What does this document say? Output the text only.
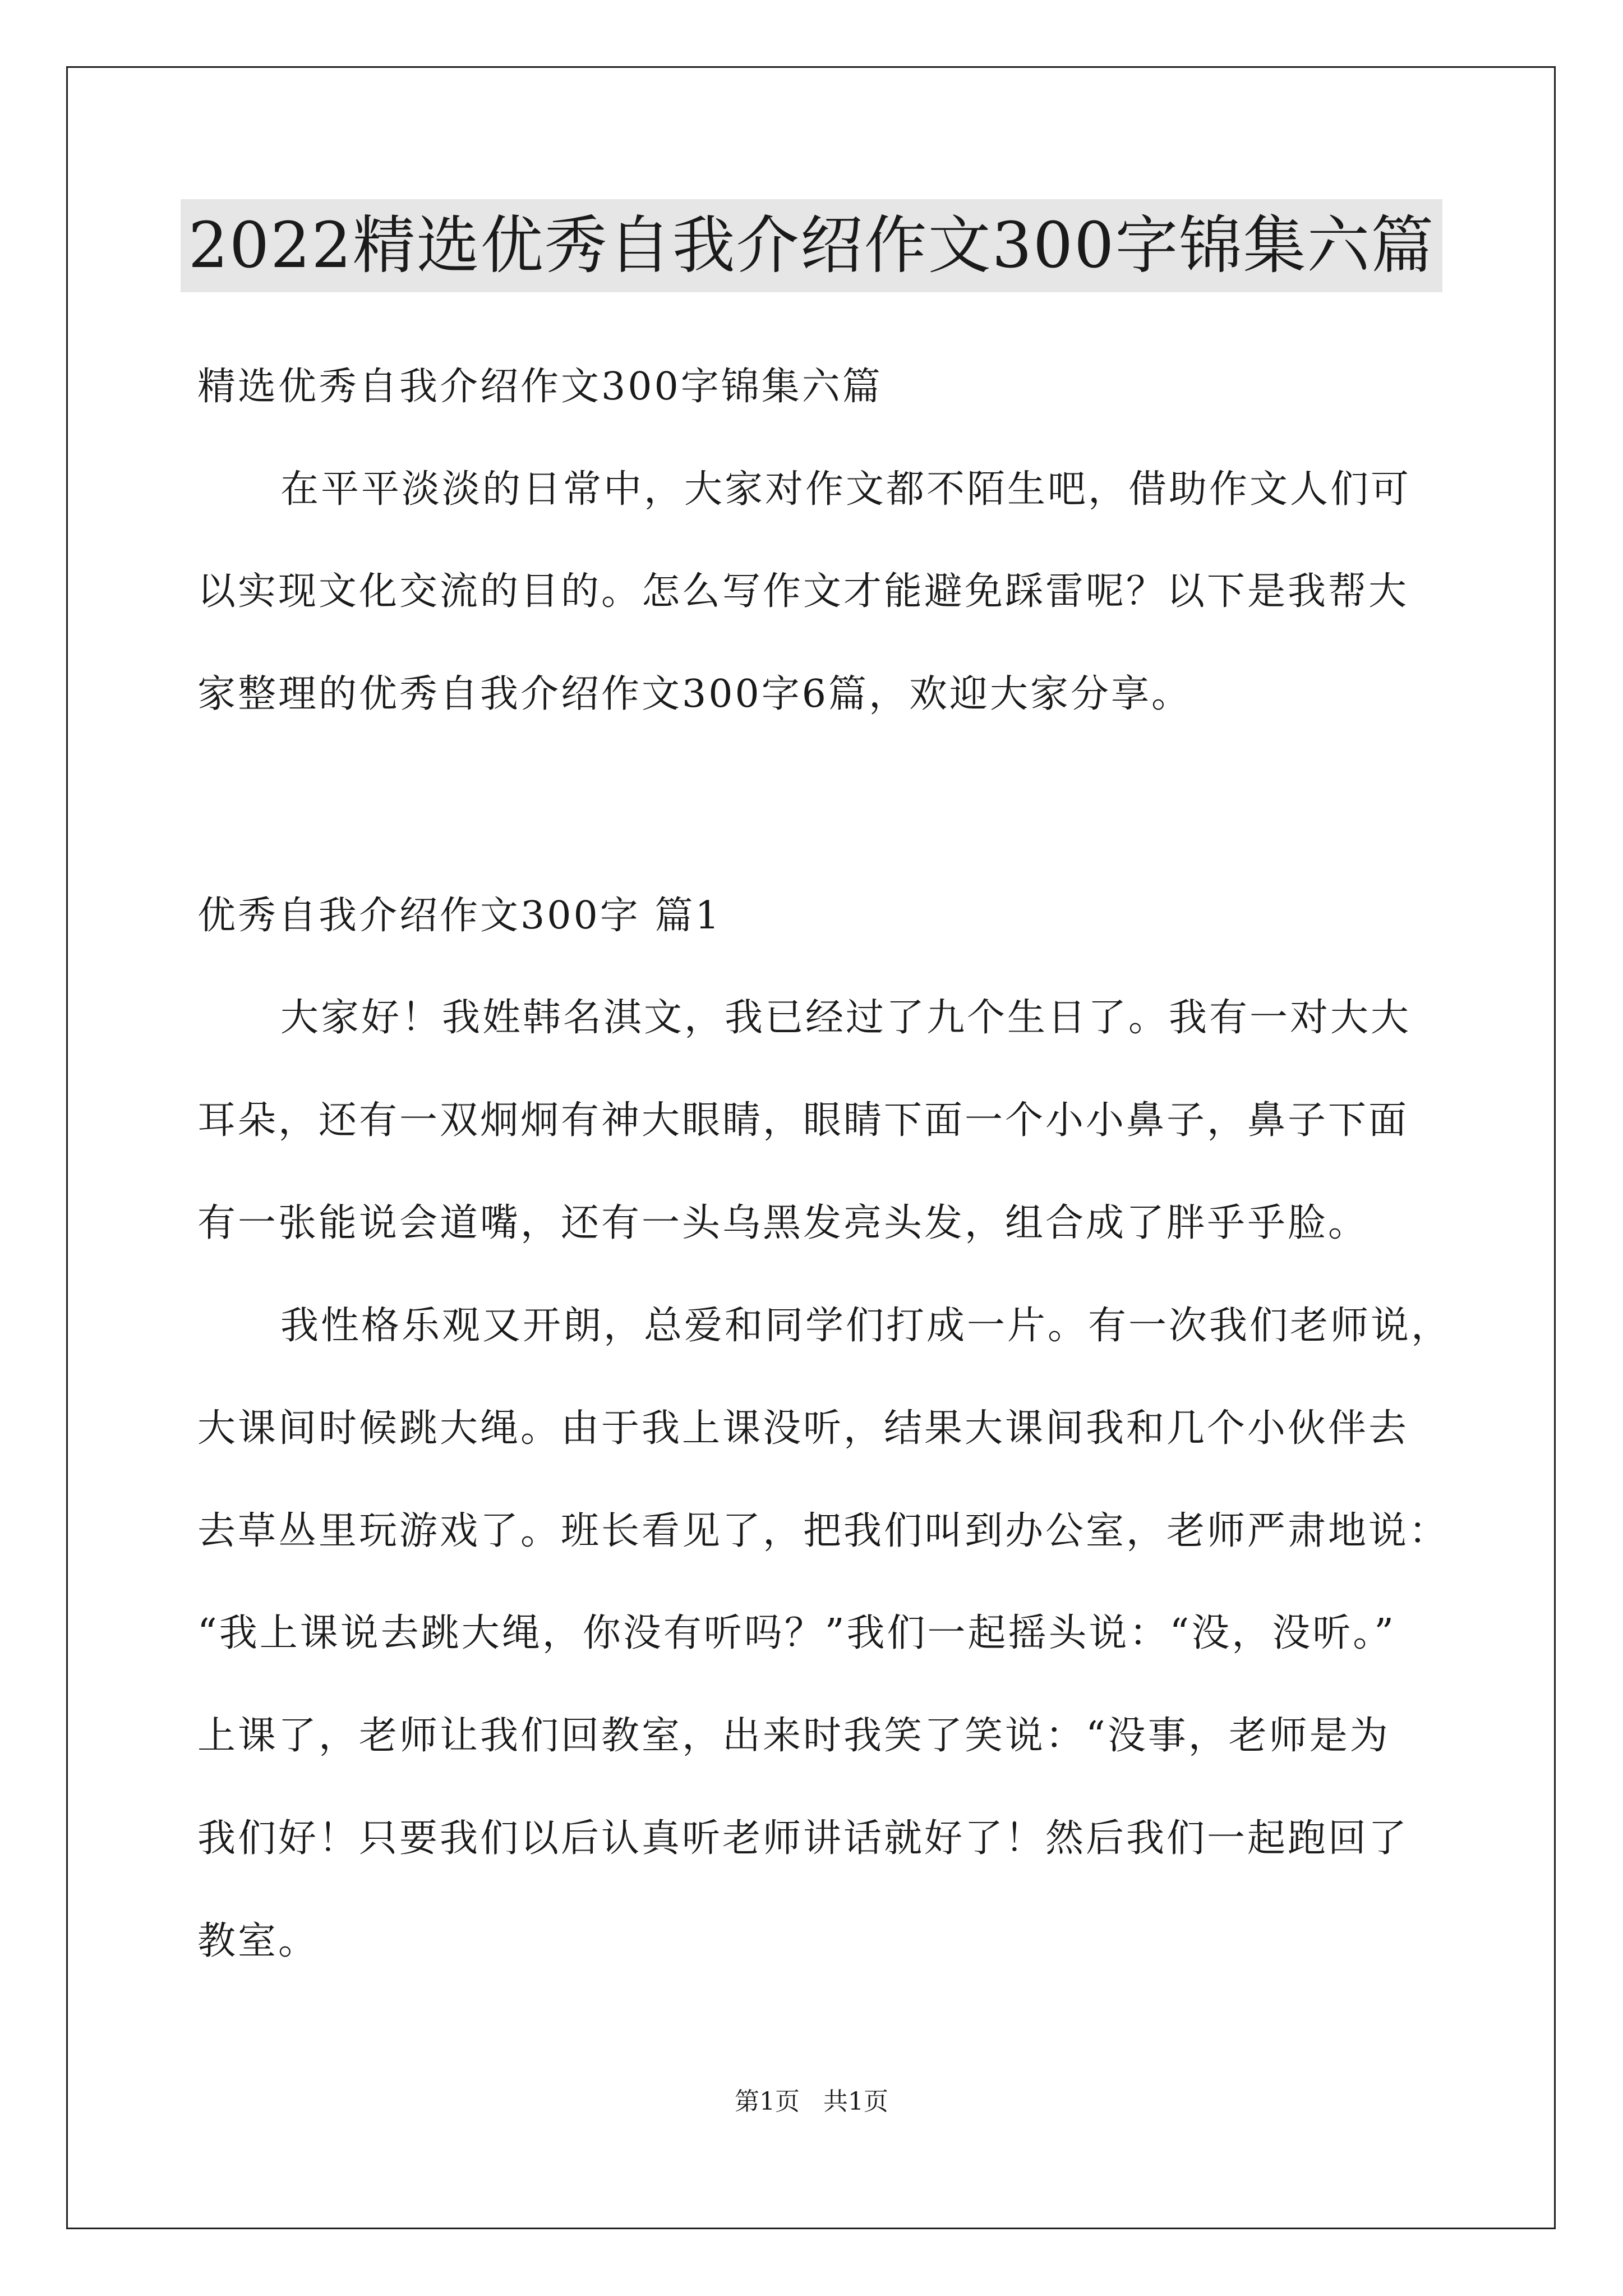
2022精选优秀自我介绍作文300字锦集六篇
精选优秀自我介绍作文300字锦集六篇
在平平淡淡的日常中，大家对作文都不陌生吧，借助作文人们可
以实现文化交流的目的。怎么写作文才能避免踩雷呢？以下是我帮大
家整理的优秀自我介绍作文300字6篇，欢迎大家分享。
优秀自我介绍作文300字 篇1
大家好！我姓韩名淇文，我已经过了九个生日了。我有一对大大
耳朵，还有一双炯炯有神大眼睛，眼睛下面一个小小鼻子，鼻子下面
有一张能说会道嘴，还有一头乌黑发亮头发，组合成了胖乎乎脸。
我性格乐观又开朗，总爱和同学们打成一片。有一次我们老师说，
大课间时候跳大绳。由于我上课没听，结果大课间我和几个小伙伴去
去草丛里玩游戏了。班长看见了，把我们叫到办公室，老师严肃地说：
“我上课说去跳大绳，你没有听吗？”我们一起摇头说：“没，没听。”
上课了，老师让我们回教室，出来时我笑了笑说：“没事，老师是为
我们好！只要我们以后认真听老师讲话就好了！然后我们一起跑回了
教室。
第1页 共1页
